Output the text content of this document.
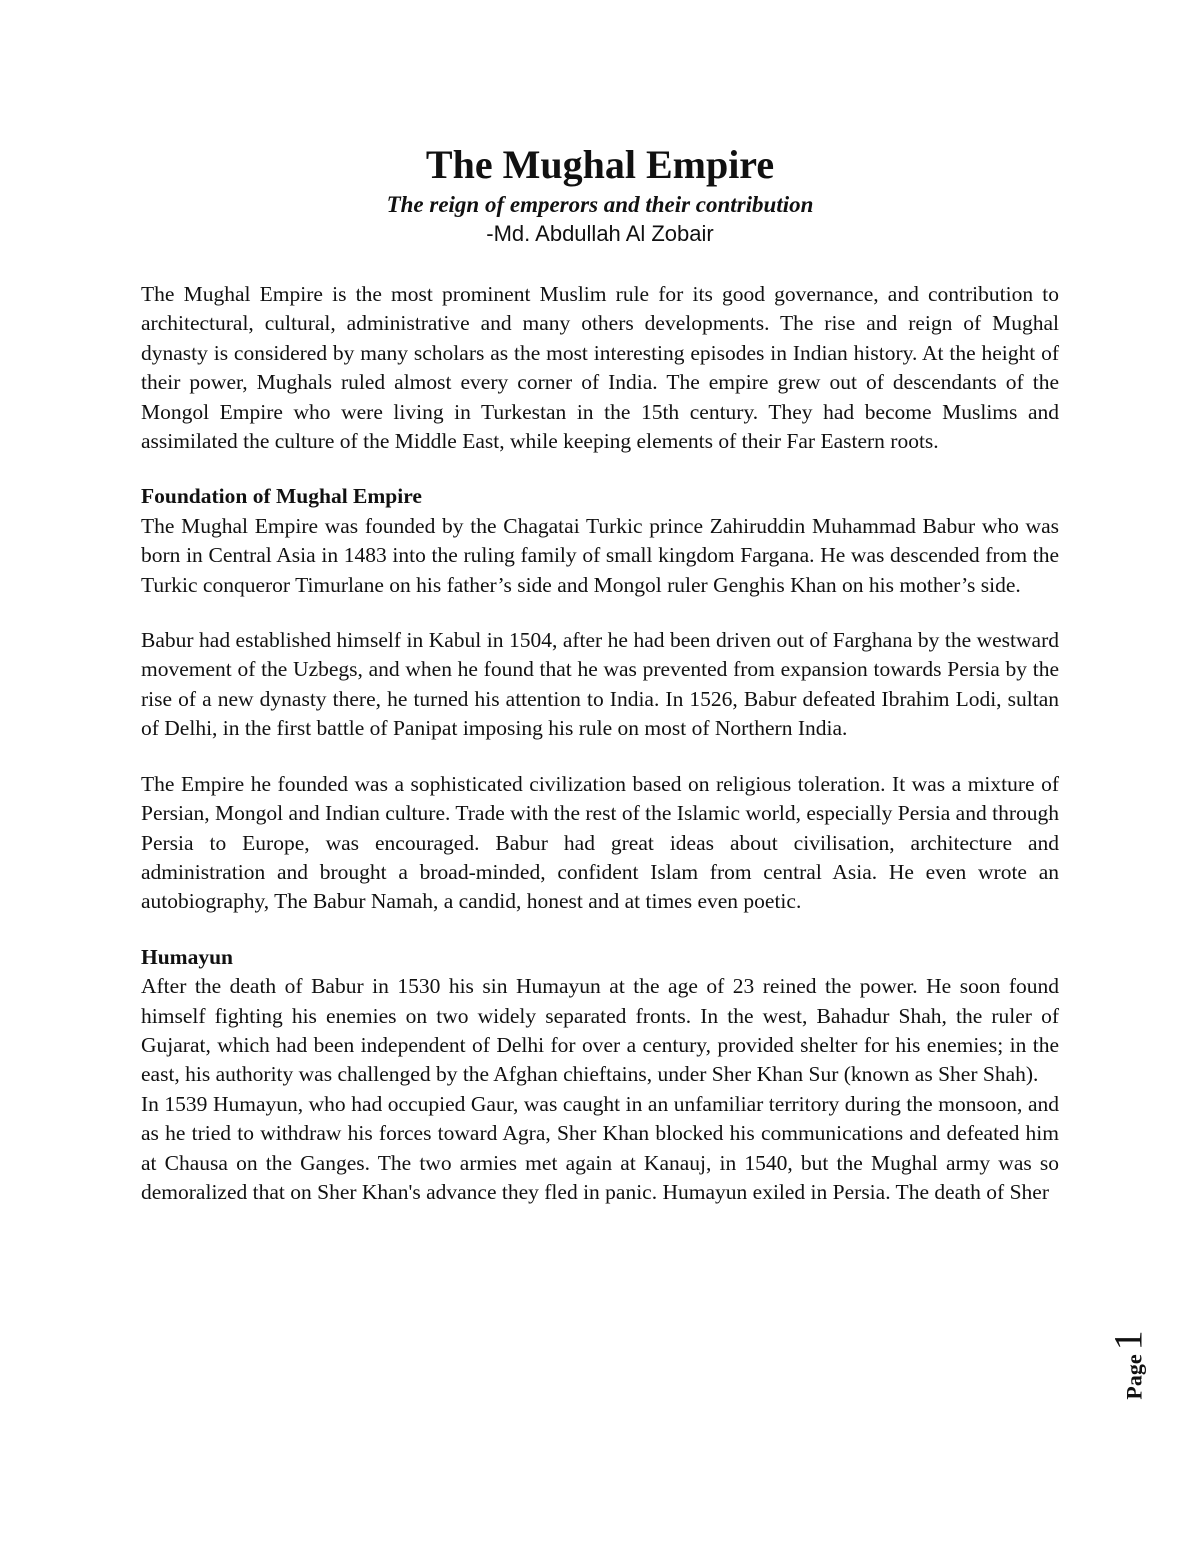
The Mughal Empire

The reign of emperors and their contribution

-Md. Abdullah Al Zobair

The Mughal Empire is the most prominent Muslim rule for its good governance, and contribution to architectural, cultural, administrative and many others developments. The rise and reign of Mughal dynasty is considered by many scholars as the most interesting episodes in Indian history. At the height of their power, Mughals ruled almost every corner of India. The empire grew out of descendants of the Mongol Empire who were living in Turkestan in the 15th century. They had become Muslims and assimilated the culture of the Middle East, while keeping elements of their Far Eastern roots.

Foundation of Mughal Empire

The Mughal Empire was founded by the Chagatai Turkic prince Zahiruddin Muhammad Babur who was born in Central Asia in 1483 into the ruling family of small kingdom Fargana. He was descended from the Turkic conqueror Timurlane on his father’s side and Mongol ruler Genghis Khan on his mother’s side.

Babur had established himself in Kabul in 1504, after he had been driven out of Farghana by the westward movement of the Uzbegs, and when he found that he was prevented from expansion towards Persia by the rise of a new dynasty there, he turned his attention to India. In 1526, Babur defeated Ibrahim Lodi, sultan of Delhi, in the first battle of Panipat imposing his rule on most of Northern India.

The Empire he founded was a sophisticated civilization based on religious toleration. It was a mixture of Persian, Mongol and Indian culture. Trade with the rest of the Islamic world, especially Persia and through Persia to Europe, was encouraged. Babur had great ideas about civilisation, architecture and administration and brought a broad-minded, confident Islam from central Asia. He even wrote an autobiography, The Babur Namah, a candid, honest and at times even poetic.

Humayun

After the death of Babur in 1530 his sin Humayun at the age of 23 reined the power. He soon found himself fighting his enemies on two widely separated fronts. In the west, Bahadur Shah, the ruler of Gujarat, which had been independent of Delhi for over a century, provided shelter for his enemies; in the east, his authority was challenged by the Afghan chieftains, under Sher Khan Sur (known as Sher Shah).

In 1539 Humayun, who had occupied Gaur, was caught in an unfamiliar territory during the monsoon, and as he tried to withdraw his forces toward Agra, Sher Khan blocked his communications and defeated him at Chausa on the Ganges. The two armies met again at Kanauj, in 1540, but the Mughal army was so demoralized that on Sher Khan's advance they fled in panic. Humayun exiled in Persia. The death of Sher

Page 1
